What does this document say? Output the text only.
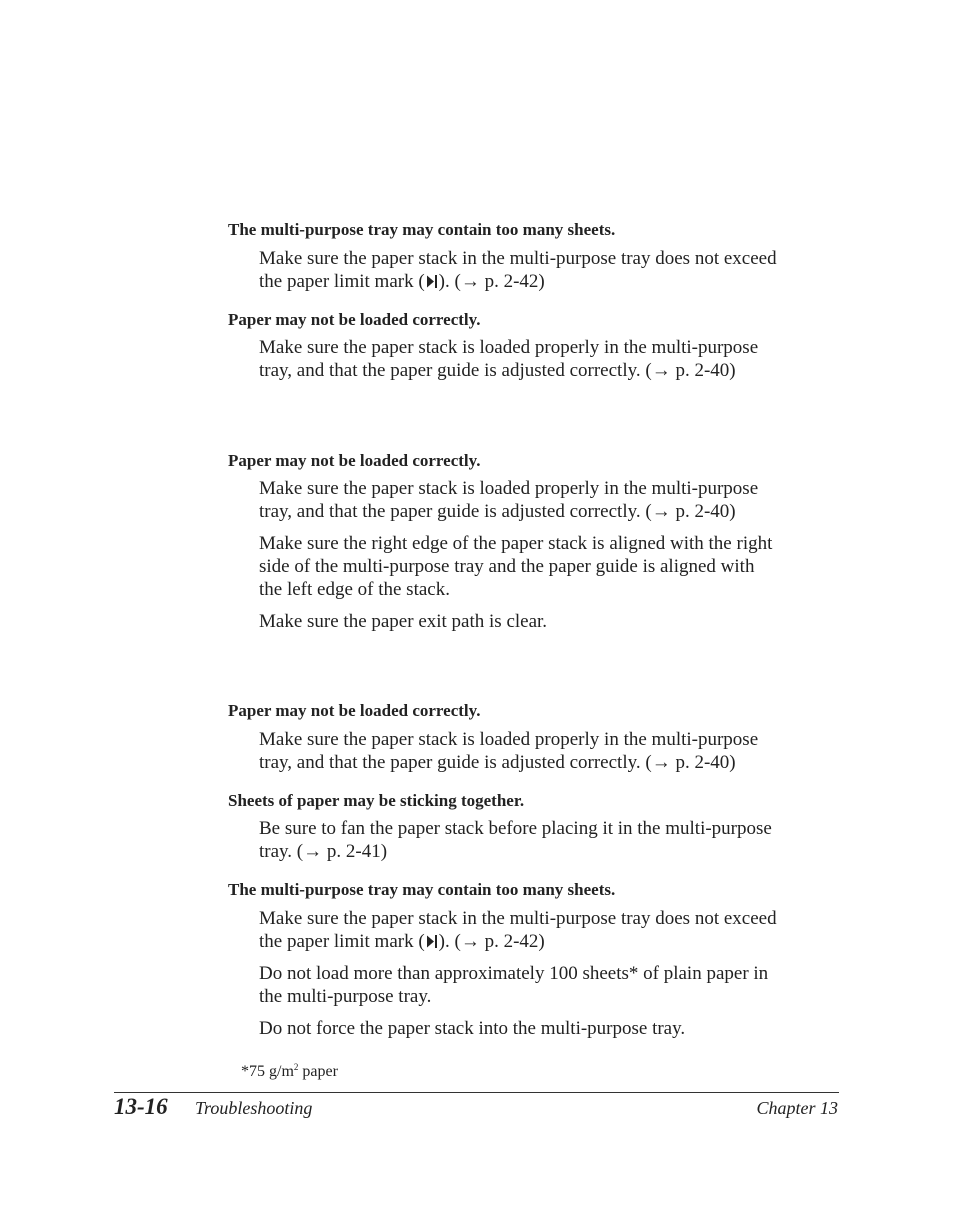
The multi-purpose tray may contain too many sheets.
Make sure the paper stack in the multi-purpose tray does not exceed
the paper limit mark ( ). (→ p. 2-42)
Paper may not be loaded correctly.
Make sure the paper stack is loaded properly in the multi-purpose
tray, and that the paper guide is adjusted correctly. (→ p. 2-40)
Paper may not be loaded correctly.
Make sure the paper stack is loaded properly in the multi-purpose
tray, and that the paper guide is adjusted correctly. (→ p. 2-40)
Make sure the right edge of the paper stack is aligned with the right
side of the multi-purpose tray and the paper guide is aligned with
the left edge of the stack.
Make sure the paper exit path is clear.
Paper may not be loaded correctly.
Make sure the paper stack is loaded properly in the multi-purpose
tray, and that the paper guide is adjusted correctly. (→ p. 2-40)
Sheets of paper may be sticking together.
Be sure to fan the paper stack before placing it in the multi-purpose
tray. (→ p. 2-41)
The multi-purpose tray may contain too many sheets.
Make sure the paper stack in the multi-purpose tray does not exceed
the paper limit mark ( ). (→ p. 2-42)
Do not load more than approximately 100 sheets* of plain paper in
the multi-purpose tray.
Do not force the paper stack into the multi-purpose tray.
*75 $g/m^2$ paper
13-16 Troubleshooting	Chapter 13
